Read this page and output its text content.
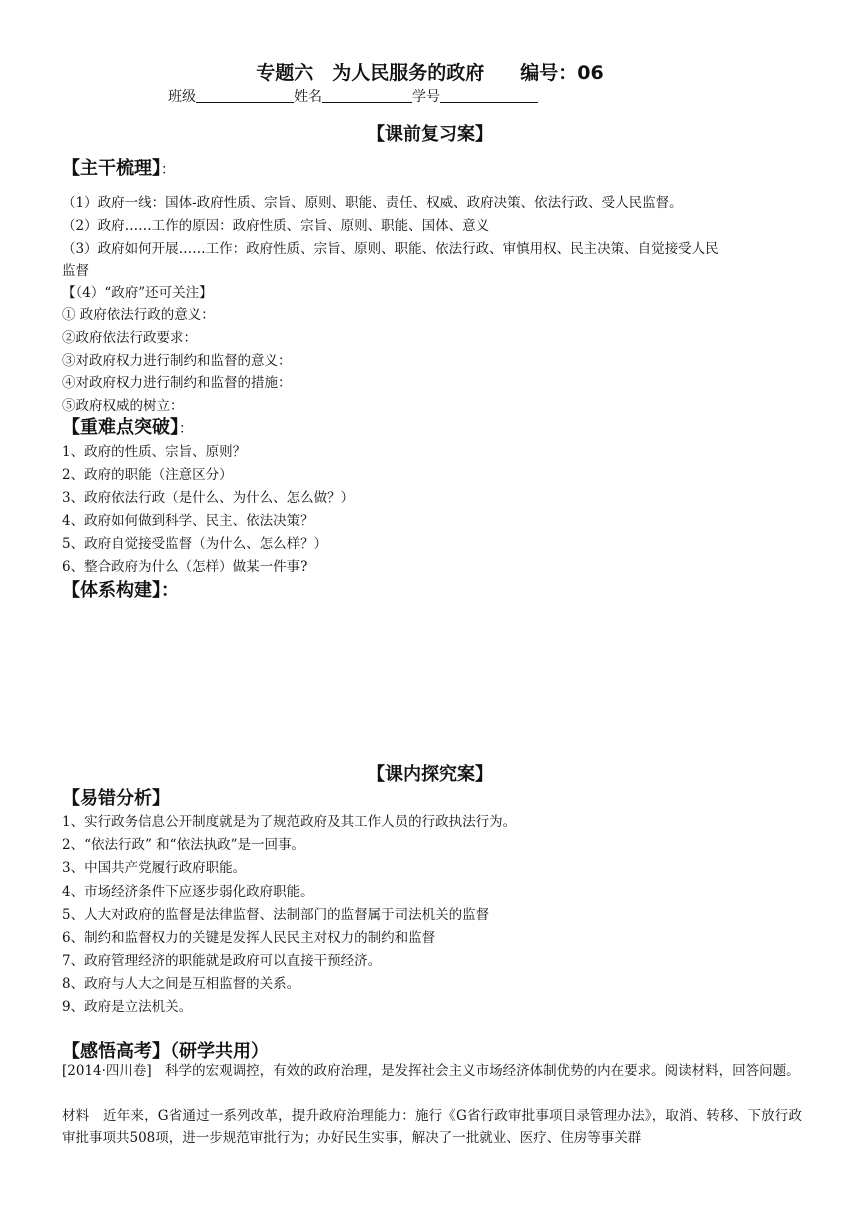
专题六　为人民服务的政府 编号：06
班级	姓名	学号
【课前复习案】
【主干梳理】：
（1）政府一线：国体-政府性质、宗旨、原则、职能、责任、权威、政府决策、依法行政、受人民监督。
（2）政府……工作的原因：政府性质、宗旨、原则、职能、国体、意义
（3）政府如何开展……工作：政府性质、宗旨、原则、职能、依法行政、审慎用权、民主决策、自觉接受人民
监督
【（4）“政府”还可关注】
① 政府依法行政的意义：
②政府依法行政要求：
③对政府权力进行制约和监督的意义：
④对政府权力进行制约和监督的措施：
⑤政府权威的树立：
【重难点突破】：
1、政府的性质、宗旨、原则？
2、政府的职能（注意区分）
3、政府依法行政（是什么、为什么、怎么做？）
4、政府如何做到科学、民主、依法决策？
5、政府自觉接受监督（为什么、怎么样？）
6、整合政府为什么（怎样）做某一件事?
【体系构建】：
【课内探究案】
【易错分析】
1、实行政务信息公开制度就是为了规范政府及其工作人员的行政执法行为。
2、“依法行政” 和“依法执政”是一回事。
3、中国共产党履行政府职能。
4、市场经济条件下应逐步弱化政府职能。
5、人大对政府的监督是法律监督、法制部门的监督属于司法机关的监督
6、制约和监督权力的关键是发挥人民民主对权力的制约和监督
7、政府管理经济的职能就是政府可以直接干预经济。
8、政府与人大之间是互相监督的关系。
9、政府是立法机关。
【感悟高考】（研学共用）
[2014·四川卷]　科学的宏观调控，有效的政府治理，是发挥社会主义市场经济体制优势的内在要求。阅读材料，回答问题。
材料　近年来，G省通过一系列改革，提升政府治理能力：施行《G省行政审批事项目录管理办法》，取消、转移、下放行政审批事项共508项，进一步规范审批行为；办好民生实事，解决了一批就业、医疗、住房等事关群
